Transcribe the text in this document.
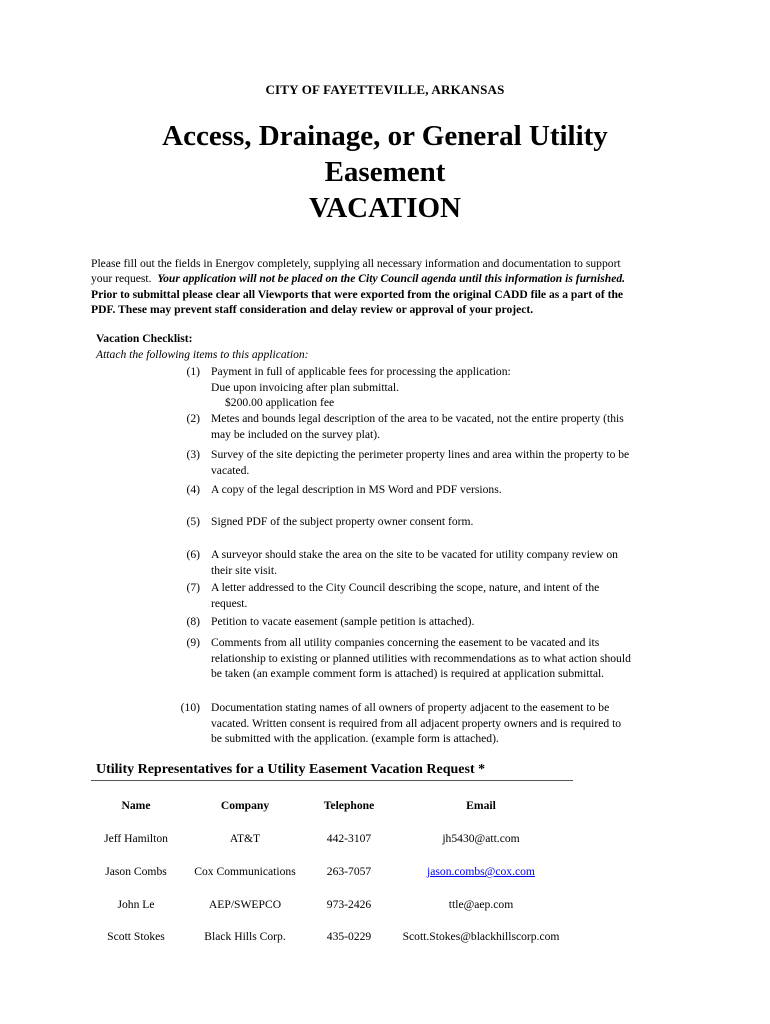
CITY OF FAYETTEVILLE, ARKANSAS
Access, Drainage, or General Utility
Easement
VACATION
Please fill out the fields in Energov completely, supplying all necessary information and documentation to support
your request. Your application will not be placed on the City Council agenda until this information is furnished.
Prior to submittal please clear all Viewports that were exported from the original CADD file as a part of the
PDF. These may prevent staff consideration and delay review or approval of your project.
Vacation Checklist:
Attach the following items to this application:
(1) Payment in full of applicable fees for processing the application:
Due upon invoicing after plan submittal.
$200.00 application fee
(2) Metes and bounds legal description of the area to be vacated, not the entire property (this
may be included on the survey plat).
(3) Survey of the site depicting the perimeter property lines and area within the property to be
vacated.
(4) A copy of the legal description in MS Word and PDF versions.
(5) Signed PDF of the subject property owner consent form.
(6) A surveyor should stake the area on the site to be vacated for utility company review on
their site visit.
(7) A letter addressed to the City Council describing the scope, nature, and intent of the
request.
(8) Petition to vacate easement (sample petition is attached).
(9) Comments from all utility companies concerning the easement to be vacated and its
relationship to existing or planned utilities with recommendations as to what action should
be taken (an example comment form is attached) is required at application submittal.
(10) Documentation stating names of all owners of property adjacent to the easement to be
vacated. Written consent is required from all adjacent property owners and is required to
be submitted with the application. (example form is attached).
Utility Representatives for a Utility Easement Vacation Request *
Name	Company	Telephone	Email
Jeff Hamilton	AT&T	442-3107	jh5430@att.com
Jason Combs	Cox Communications	263-7057	jason.combs@cox.com
John Le	AEP/SWEPCO	973-2426	ttle@aep.com
Scott Stokes	Black Hills Corp.	435-0229	Scott.Stokes@blackhillscorp.com
